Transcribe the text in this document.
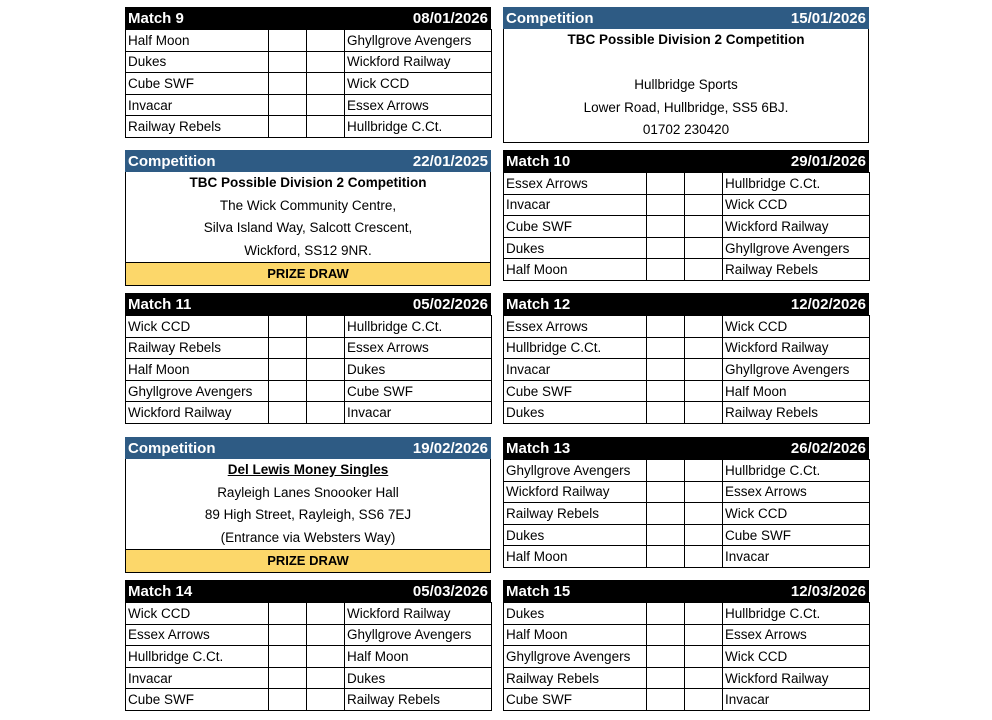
Match 9	08/01/2026
Half Moon			Ghyllgrove Avengers
Dukes			Wickford Railway
Cube SWF			Wick CCD
Invacar			Essex Arrows
Railway Rebels			Hullbridge C.Ct.
Competition	15/01/2026
TBC Possible Division 2 Competition
Hullbridge Sports
Lower Road, Hullbridge, SS5 6BJ.
01702 230420
Competition	22/01/2025
TBC Possible Division 2 Competition
The Wick Community Centre,
Silva Island Way, Salcott Crescent,
Wickford, SS12 9NR.
PRIZE DRAW
Match 10	29/01/2026
Essex Arrows			Hullbridge C.Ct.
Invacar			Wick CCD
Cube SWF			Wickford Railway
Dukes			Ghyllgrove Avengers
Half Moon			Railway Rebels
Match 11	05/02/2026
Wick CCD			Hullbridge C.Ct.
Railway Rebels			Essex Arrows
Half Moon			Dukes
Ghyllgrove Avengers			Cube SWF
Wickford Railway			Invacar
Match 12	12/02/2026
Essex Arrows			Wick CCD
Hullbridge C.Ct.			Wickford Railway
Invacar			Ghyllgrove Avengers
Cube SWF			Half Moon
Dukes			Railway Rebels
Competition	19/02/2026
Del Lewis Money Singles
Rayleigh Lanes Snoooker Hall
89 High Street, Rayleigh, SS6 7EJ
(Entrance via Websters Way)
PRIZE DRAW
Match 13	26/02/2026
Ghyllgrove Avengers			Hullbridge C.Ct.
Wickford Railway			Essex Arrows
Railway Rebels			Wick CCD
Dukes			Cube SWF
Half Moon			Invacar
Match 14	05/03/2026
Wick CCD			Wickford Railway
Essex Arrows			Ghyllgrove Avengers
Hullbridge C.Ct.			Half Moon
Invacar			Dukes
Cube SWF			Railway Rebels
Match 15	12/03/2026
Dukes			Hullbridge C.Ct.
Half Moon			Essex Arrows
Ghyllgrove Avengers			Wick CCD
Railway Rebels			Wickford Railway
Cube SWF			Invacar
